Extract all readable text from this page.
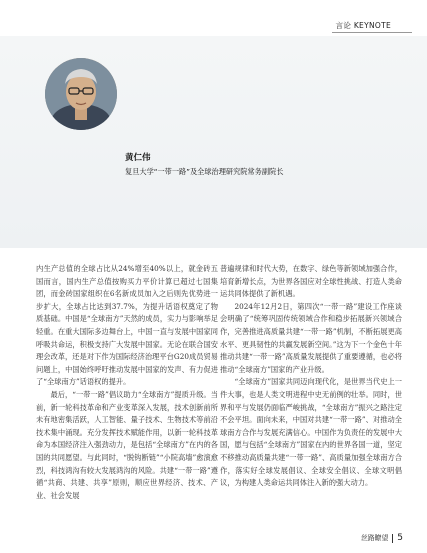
言论 KEYNOTE
黄仁伟
复旦大学“一带一路”及全球治理研究院常务副院长

内生产总值的全球占比从24%增至40%以上，就金砖五国而言，国内生产总值按购买力平价计算已超过七国集团，而金砖国家组织在6名新成员加入之后则先优势进一步扩大，全球占比达到37.7%，为提升话语权奠定了物质基础。中国是“全球南方”天然的成员，实力与影响举足轻重。在重大国际多边舞台上，中国一直与发展中国家同呼吸共命运，积极支持广大发展中国家。无论在联合国安理会改革，还是对下作为国际经济治理平台G20成员贸易问题上，中国始终呼吁推动发展中国家的发声、有力促进了“全球南方”话语权的提升。

最后，“一带一路”倡议助力“全球南方”提质升级。当前，新一轮科技革命和产业变革深入发展，技术创新前所未有地密集活跃，人工智能、量子技术、生物技术等前沿技术集中涌现。充分发挥技术赋能作用，以新一轮科技革命为本国经济注入强劲动力，是包括“全球南方”在内的各国的共同愿望。与此同时，“脱钩断链”“小院高墙”愈演愈烈，科技鸿沟有较大发展鸿沟的风险。共建“一带一路”遵循“共商、共建、共享”原则，顺应世界经济、技术、产业、社会发展

普遍规律和时代大势，在数字、绿色等新领域加强合作，培育新增长点，为世界各国应对全球性挑战、打造人类命运共同体提供了新机遇。

2024年12月2日，第四次“一带一路”建设工作座谈会明确了“统筹巩固传统领域合作和稳步拓展新兴领域合作，完善推进高质量共建“一带一路”机制，不断拓展更高水平、更具韧性的共赢发展新空间。”这为下一个金色十年推动共建“一带一路”高质量发展提供了重要遵循，也必将推动“全球南方”国家的产业升级。

“全球南方”国家共同迈向现代化，是世界当代史上一件大事，也是人类文明进程中史无前例的壮举。同时，世界和平与发展仍面临严峻挑战，“全球南方”振兴之路注定不会平坦。面向未来，中国对共建“一带一路”、对推动全球南方合作与发展充满信心。中国作为负责任的发展中大国，愿与包括“全球南方”国家在内的世界各国一道，坚定不移推动高质量共建“一带一路”、高质量加强全球南方合作，落实好全球发展倡议、全球安全倡议、全球文明倡议，为构建人类命运共同体注入新的强大动力。

丝路瞭望 5
